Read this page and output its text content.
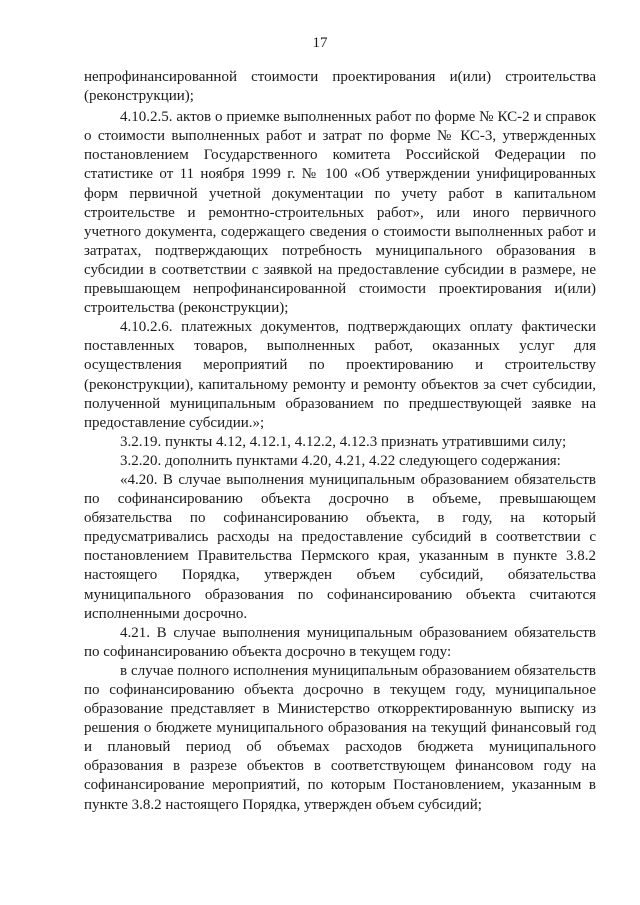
17

непрофинансированной стоимости проектирования и(или) строительства (реконструкции);

4.10.2.5. актов о приемке выполненных работ по форме № КС-2 и справок о стоимости выполненных работ и затрат по форме № КС-3, утвержденных постановлением Государственного комитета Российской Федерации по статистике от 11 ноября 1999 г. № 100 «Об утверждении унифицированных форм первичной учетной документации по учету работ в капитальном строительстве и ремонтно-строительных работ», или иного первичного учетного документа, содержащего сведения о стоимости выполненных работ и затратах, подтверждающих потребность муниципального образования в субсидии в соответствии с заявкой на предоставление субсидии в размере, не превышающем непрофинансированной стоимости проектирования и(или) строительства (реконструкции);

4.10.2.6. платежных документов, подтверждающих оплату фактически поставленных товаров, выполненных работ, оказанных услуг для осуществления мероприятий по проектированию и строительству (реконструкции), капитальному ремонту и ремонту объектов за счет субсидии, полученной муниципальным образованием по предшествующей заявке на предоставление субсидии.»;

3.2.19. пункты 4.12, 4.12.1, 4.12.2, 4.12.3 признать утратившими силу;

3.2.20. дополнить пунктами 4.20, 4.21, 4.22 следующего содержания:

«4.20. В случае выполнения муниципальным образованием обязательств по софинансированию объекта досрочно в объеме, превышающем обязательства по софинансированию объекта, в году, на который предусматривались расходы на предоставление субсидий в соответствии с постановлением Правительства Пермского края, указанным в пункте 3.8.2 настоящего Порядка, утвержден объем субсидий, обязательства муниципального образования по софинансированию объекта считаются исполненными досрочно.

4.21. В случае выполнения муниципальным образованием обязательств по софинансированию объекта досрочно в текущем году:

в случае полного исполнения муниципальным образованием обязательств по софинансированию объекта досрочно в текущем году, муниципальное образование представляет в Министерство откорректированную выписку из решения о бюджете муниципального образования на текущий финансовый год и плановый период об объемах расходов бюджета муниципального образования в разрезе объектов в соответствующем финансовом году на софинансирование мероприятий, по которым Постановлением, указанным в пункте 3.8.2 настоящего Порядка, утвержден объем субсидий;
